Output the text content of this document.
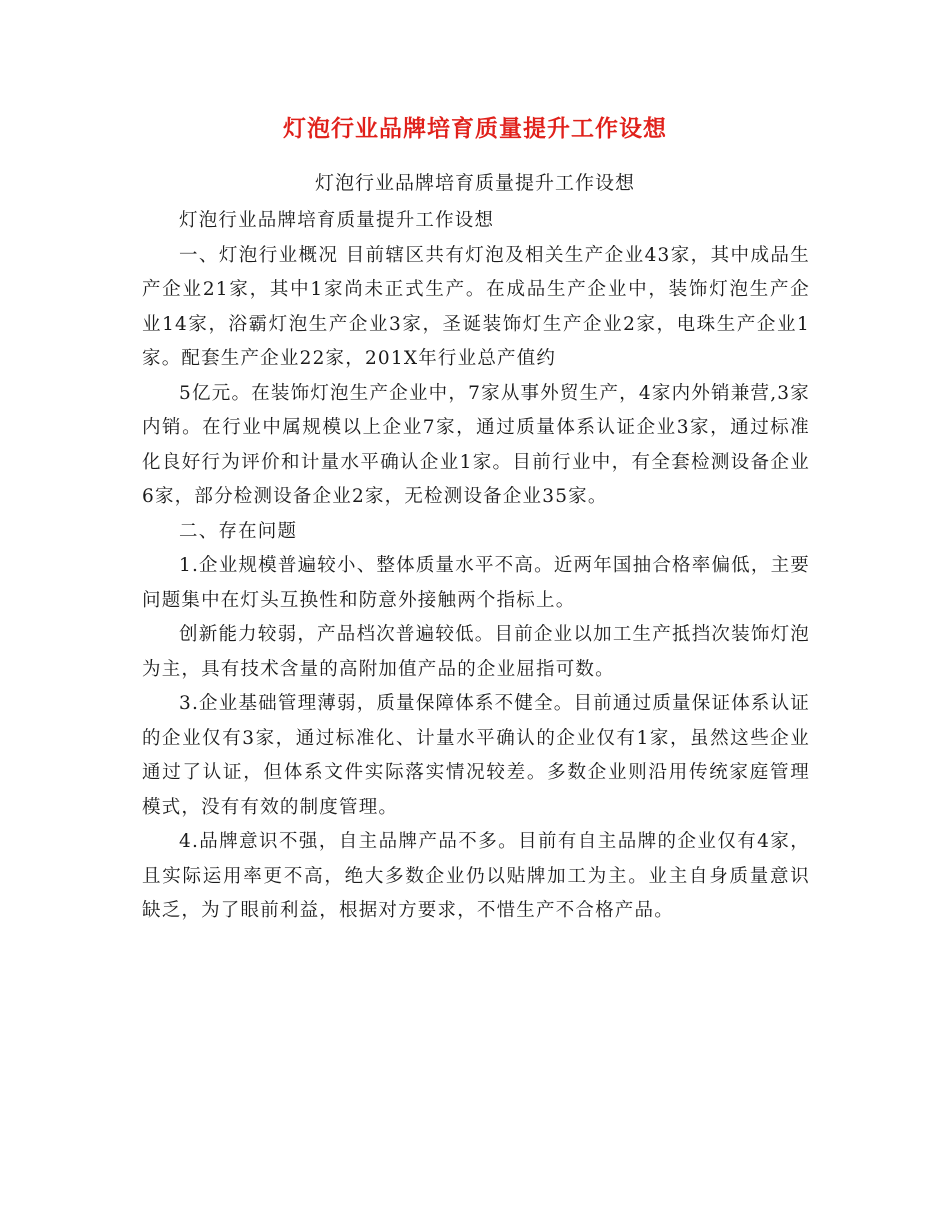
灯泡行业品牌培育质量提升工作设想
灯泡行业品牌培育质量提升工作设想

灯泡行业品牌培育质量提升工作设想

一、灯泡行业概况 目前辖区共有灯泡及相关生产企业43家，其中成品生产企业21家，其中1家尚未正式生产。在成品生产企业中，装饰灯泡生产企业14家，浴霸灯泡生产企业3家，圣诞装饰灯生产企业2家，电珠生产企业1家。配套生产企业22家，201X年行业总产值约

5亿元。在装饰灯泡生产企业中，7家从事外贸生产，4家内外销兼营,3家内销。在行业中属规模以上企业7家，通过质量体系认证企业3家，通过标准化良好行为评价和计量水平确认企业1家。目前行业中，有全套检测设备企业6家，部分检测设备企业2家，无检测设备企业35家。

二、存在问题

1.企业规模普遍较小、整体质量水平不高。近两年国抽合格率偏低，主要问题集中在灯头互换性和防意外接触两个指标上。

创新能力较弱，产品档次普遍较低。目前企业以加工生产抵挡次装饰灯泡为主，具有技术含量的高附加值产品的企业屈指可数。

3.企业基础管理薄弱，质量保障体系不健全。目前通过质量保证体系认证的企业仅有3家，通过标准化、计量水平确认的企业仅有1家，虽然这些企业通过了认证，但体系文件实际落实情况较差。多数企业则沿用传统家庭管理模式，没有有效的制度管理。

4.品牌意识不强，自主品牌产品不多。目前有自主品牌的企业仅有4家，且实际运用率更不高，绝大多数企业仍以贴牌加工为主。业主自身质量意识缺乏，为了眼前利益，根据对方要求，不惜生产不合格产品。
